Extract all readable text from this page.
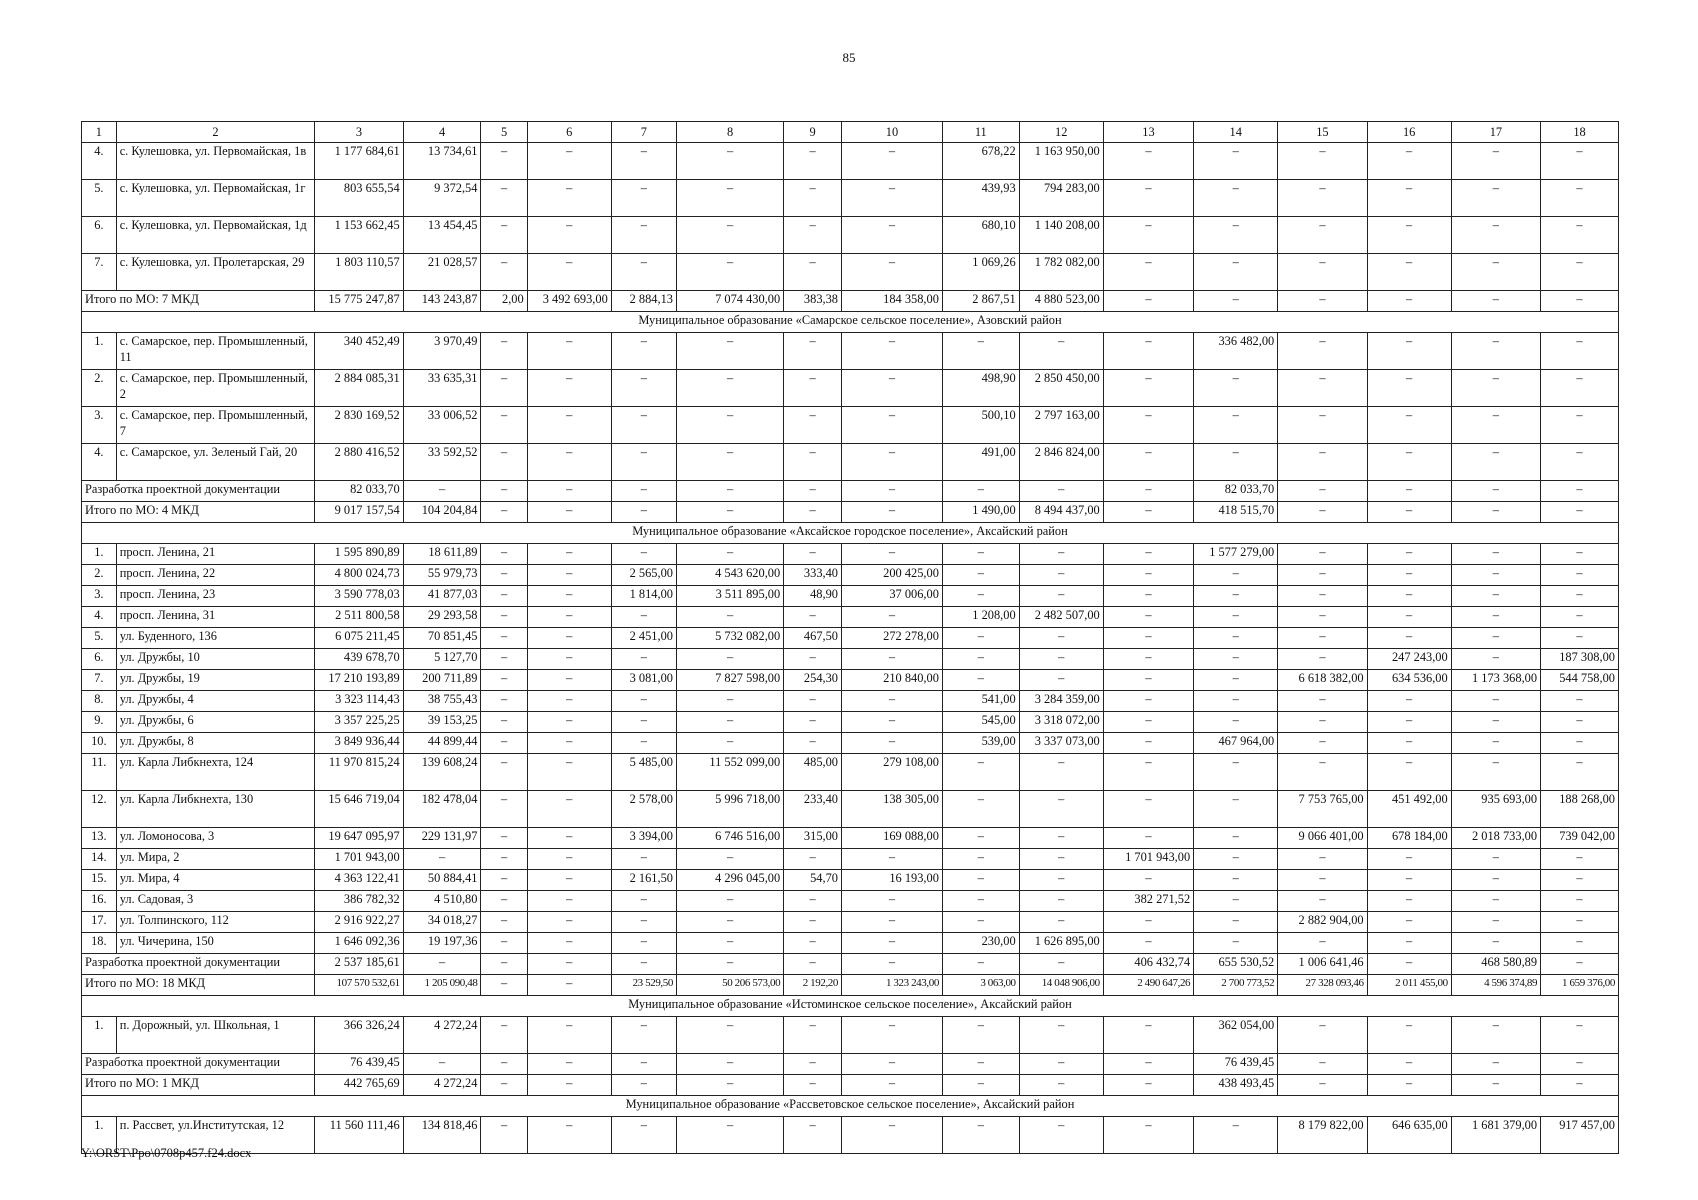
85
1	2	3	4	5	6	7	8	9	10	11	12	13	14	15	16	17	18
4.	с. Кулешовка, ул. Первомайская, 1в	1 177 684,61	13 734,61	–	–	–	–	–	–	678,22	1 163 950,00	–	–	–	–	–	–
5.	с. Кулешовка, ул. Первомайская, 1г	803 655,54	9 372,54	–	–	–	–	–	–	439,93	794 283,00	–	–	–	–	–	–
6.	с. Кулешовка, ул. Первомайская, 1д	1 153 662,45	13 454,45	–	–	–	–	–	–	680,10	1 140 208,00	–	–	–	–	–	–
7.	с. Кулешовка, ул. Пролетарская, 29	1 803 110,57	21 028,57	–	–	–	–	–	–	1 069,26	1 782 082,00	–	–	–	–	–	–
Итого по МО: 7 МКД		15 775 247,87	143 243,87	2,00	3 492 693,00	2 884,13	7 074 430,00	383,38	184 358,00	2 867,51	4 880 523,00	–	–	–	–	–	–
Муниципальное образование «Самарское сельское поселение», Азовский район																	
1.	с. Самарское, пер. Промышленный, 11	340 452,49	3 970,49	–	–	–	–	–	–	–	–	–	336 482,00	–	–	–	–
2.	с. Самарское, пер. Промышленный, 2	2 884 085,31	33 635,31	–	–	–	–	–	–	498,90	2 850 450,00	–	–	–	–	–	–
3.	с. Самарское, пер. Промышленный, 7	2 830 169,52	33 006,52	–	–	–	–	–	–	500,10	2 797 163,00	–	–	–	–	–	–
4.	с. Самарское, ул. Зеленый Гай, 20	2 880 416,52	33 592,52	–	–	–	–	–	–	491,00	2 846 824,00	–	–	–	–	–	–
Разработка проектной документации		82 033,70	–	–	–	–	–	–	–	–	–	–	82 033,70	–	–	–	–
Итого по МО: 4 МКД		9 017 157,54	104 204,84	–	–	–	–	–	–	1 490,00	8 494 437,00	–	418 515,70	–	–	–	–
Муниципальное образование «Аксайское городское поселение», Аксайский район																	
1.	просп. Ленина, 21	1 595 890,89	18 611,89	–	–	–	–	–	–	–	–	–	1 577 279,00	–	–	–	–
2.	просп. Ленина, 22	4 800 024,73	55 979,73	–	–	2 565,00	4 543 620,00	333,40	200 425,00	–	–	–	–	–	–	–	–
3.	просп. Ленина, 23	3 590 778,03	41 877,03	–	–	1 814,00	3 511 895,00	48,90	37 006,00	–	–	–	–	–	–	–	–
4.	просп. Ленина, 31	2 511 800,58	29 293,58	–	–	–	–	–	–	1 208,00	2 482 507,00	–	–	–	–	–	–
5.	ул. Буденного, 136	6 075 211,45	70 851,45	–	–	2 451,00	5 732 082,00	467,50	272 278,00	–	–	–	–	–	–	–	–
6.	ул. Дружбы, 10	439 678,70	5 127,70	–	–	–	–	–	–	–	–	–	–	–	247 243,00	–	187 308,00
7.	ул. Дружбы, 19	17 210 193,89	200 711,89	–	–	3 081,00	7 827 598,00	254,30	210 840,00	–	–	–	–	6 618 382,00	634 536,00	1 173 368,00	544 758,00
8.	ул. Дружбы, 4	3 323 114,43	38 755,43	–	–	–	–	–	–	541,00	3 284 359,00	–	–	–	–	–	–
9.	ул. Дружбы, 6	3 357 225,25	39 153,25	–	–	–	–	–	–	545,00	3 318 072,00	–	–	–	–	–	–
10.	ул. Дружбы, 8	3 849 936,44	44 899,44	–	–	–	–	–	–	539,00	3 337 073,00	–	467 964,00	–	–	–	–
11.	ул. Карла Либкнехта, 124	11 970 815,24	139 608,24	–	–	5 485,00	11 552 099,00	485,00	279 108,00	–	–	–	–	–	–	–	–
12.	ул. Карла Либкнехта, 130	15 646 719,04	182 478,04	–	–	2 578,00	5 996 718,00	233,40	138 305,00	–	–	–	–	7 753 765,00	451 492,00	935 693,00	188 268,00
13.	ул. Ломоносова, 3	19 647 095,97	229 131,97	–	–	3 394,00	6 746 516,00	315,00	169 088,00	–	–	–	–	9 066 401,00	678 184,00	2 018 733,00	739 042,00
14.	ул. Мира, 2	1 701 943,00	–	–	–	–	–	–	–	–	–	1 701 943,00	–	–	–	–	–
15.	ул. Мира, 4	4 363 122,41	50 884,41	–	–	2 161,50	4 296 045,00	54,70	16 193,00	–	–	–	–	–	–	–	–
16.	ул. Садовая, 3	386 782,32	4 510,80	–	–	–	–	–	–	–	–	382 271,52	–	–	–	–	–
17.	ул. Толпинского, 112	2 916 922,27	34 018,27	–	–	–	–	–	–	–	–	–	–	2 882 904,00	–	–	–
18.	ул. Чичерина, 150	1 646 092,36	19 197,36	–	–	–	–	–	–	230,00	1 626 895,00	–	–	–	–	–	–
Разработка проектной документации		2 537 185,61	–	–	–	–	–	–	–	–	–	406 432,74	655 530,52	1 006 641,46	–	468 580,89	–
Итого по МО: 18 МКД		107 570 532,61	1 205 090,48	–	–	23 529,50	50 206 573,00	2 192,20	1 323 243,00	3 063,00	14 048 906,00	2 490 647,26	2 700 773,52	27 328 093,46	2 011 455,00	4 596 374,89	1 659 376,00
Муниципальное образование «Истоминское сельское поселение», Аксайский район																	
1.	п. Дорожный, ул. Школьная, 1	366 326,24	4 272,24	–	–	–	–	–	–	–	–	–	362 054,00	–	–	–	–
Разработка проектной документации		76 439,45	–	–	–	–	–	–	–	–	–	–	76 439,45	–	–	–	–
Итого по МО: 1 МКД		442 765,69	4 272,24	–	–	–	–	–	–	–	–	–	438 493,45	–	–	–	–
Муниципальное образование «Рассветовское сельское поселение», Аксайский район																	
1.	п. Рассвет, ул.Институтская, 12	11 560 111,46	134 818,46	–	–	–	–	–	–	–	–	–	–	8 179 822,00	646 635,00	1 681 379,00	917 457,00
Y:\ORST\Ppo\0708p457.f24.docx
